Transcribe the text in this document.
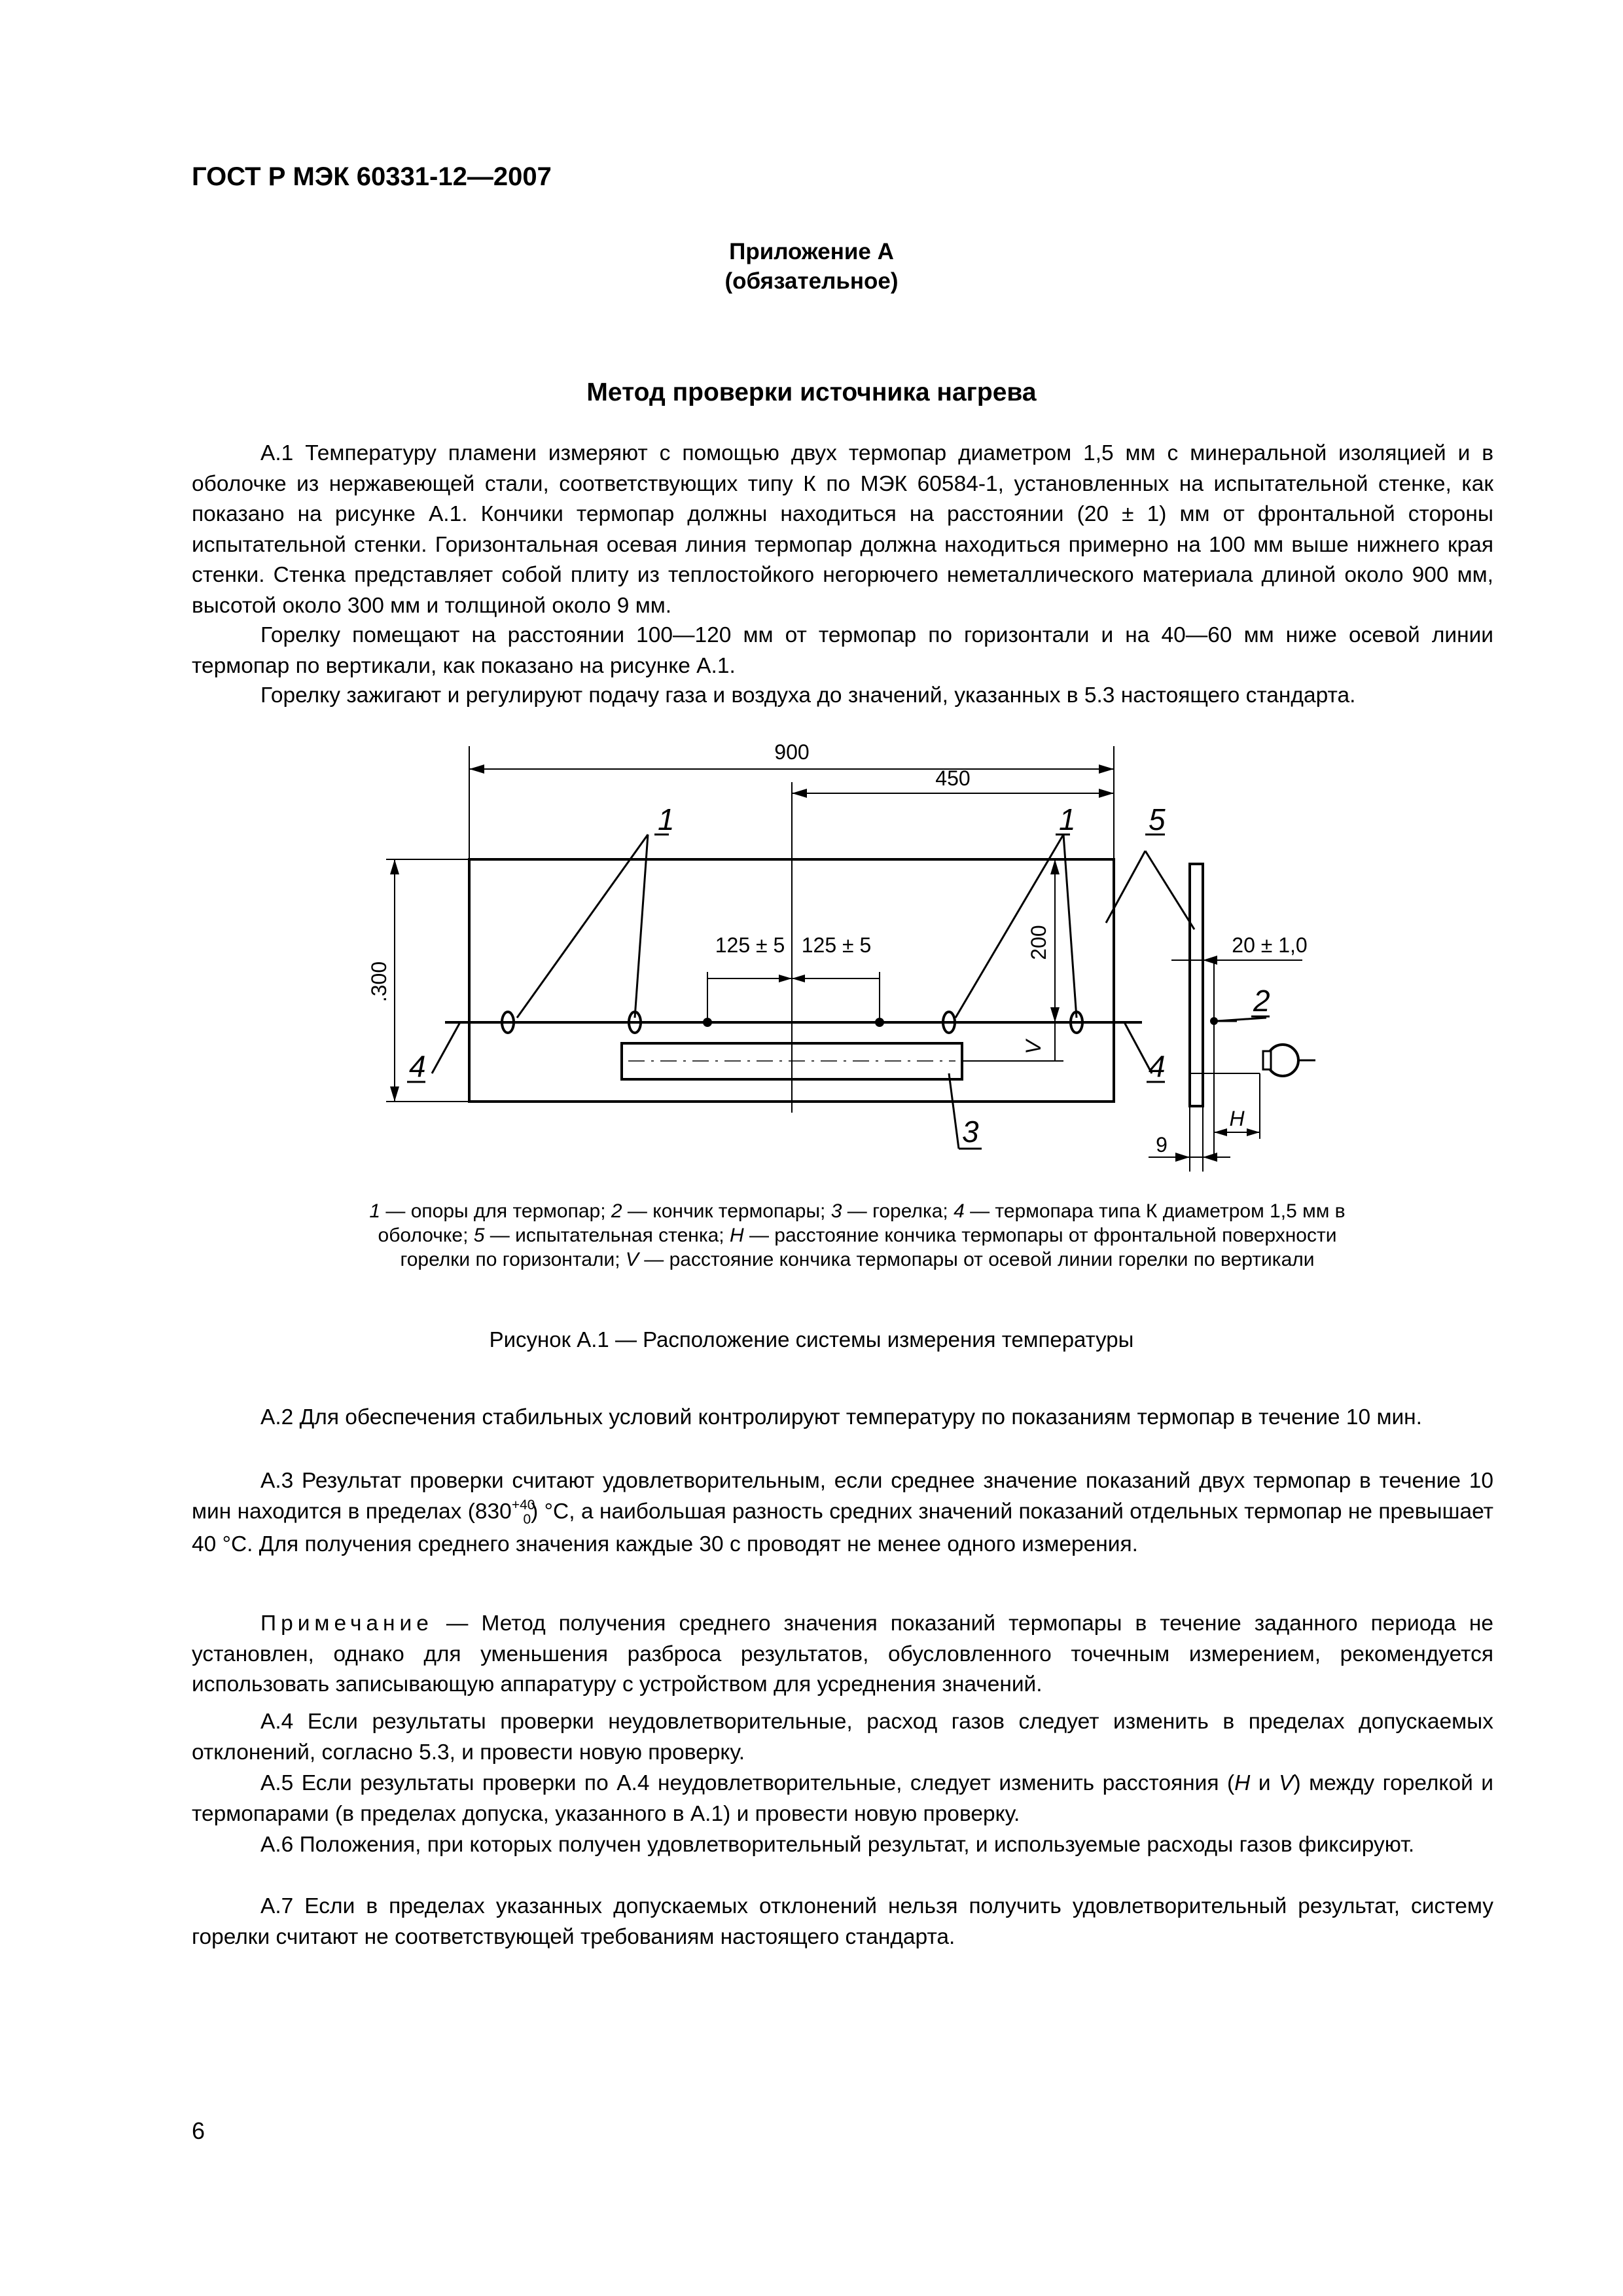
ГОСТ Р МЭК 60331-12—2007
Приложение А
(обязательное)
Метод проверки источника нагрева

А.1 Температуру пламени измеряют с помощью двух термопар диаметром 1,5 мм с минеральной изоляцией и в оболочке из нержавеющей стали, соответствующих типу К по МЭК 60584-1, установленных на испытательной стенке, как показано на рисунке А.1. Кончики термопар должны находиться на расстоянии (20 ± 1) мм от фронтальной стороны испытательной стенки. Горизонтальная осевая линия термопар должна находиться примерно на 100 мм выше нижнего края стенки. Стенка представляет собой плиту из теплостойкого негорючего неметаллического материала длиной около 900 мм, высотой около 300 мм и толщиной около 9 мм.

Горелку помещают на расстоянии 100—120 мм от термопар по горизонтали и на 40—60 мм ниже осевой линии термопар по вертикали, как показано на рисунке А.1.

Горелку зажигают и регулируют подачу газа и воздуха до значений, указанных в 5.3 настоящего стандарта.

900
450
.300
200
125 ± 5 125 ± 5	20 ± 1,0
9
H
V
1	1 5
2
3
4	4
1 — опоры для термопар; 2 — кончик термопары; 3 — горелка; 4 — термопара типа К диаметром 1,5 мм в оболочке; 5 — испытательная стенка; H — расстояние кончика термопары от фронтальной поверхности горелки по горизонтали; V — расстояние кончика термопары от осевой линии горелки по вертикали
Рисунок А.1 — Расположение системы измерения температуры

А.2 Для обеспечения стабильных условий контролируют температуру по показаниям термопар в течение 10 мин.

А.3 Результат проверки считают удовлетворительным, если среднее значение показаний двух термопар в течение 10 мин находится в пределах $(830^{+40}_0)$ °С, а наибольшая разность средних значений показаний отдельных термопар не превышает 40 °С. Для получения среднего значения каждые 30 с проводят не менее одного измерения.

Примечание — Метод получения среднего значения показаний термопары в течение заданного периода не установлен, однако для уменьшения разброса результатов, обусловленного точечным измерением, рекомендуется использовать записывающую аппаратуру с устройством для усреднения значений.

А.4 Если результаты проверки неудовлетворительные, расход газов следует изменить в пределах допускаемых отклонений, согласно 5.3, и провести новую проверку.

А.5 Если результаты проверки по А.4 неудовлетворительные, следует изменить расстояния (H и V) между горелкой и термопарами (в пределах допуска, указанного в А.1) и провести новую проверку.

А.6 Положения, при которых получен удовлетворительный результат, и используемые расходы газов фиксируют.

А.7 Если в пределах указанных допускаемых отклонений нельзя получить удовлетворительный результат, систему горелки считают не соответствующей требованиям настоящего стандарта.

6
